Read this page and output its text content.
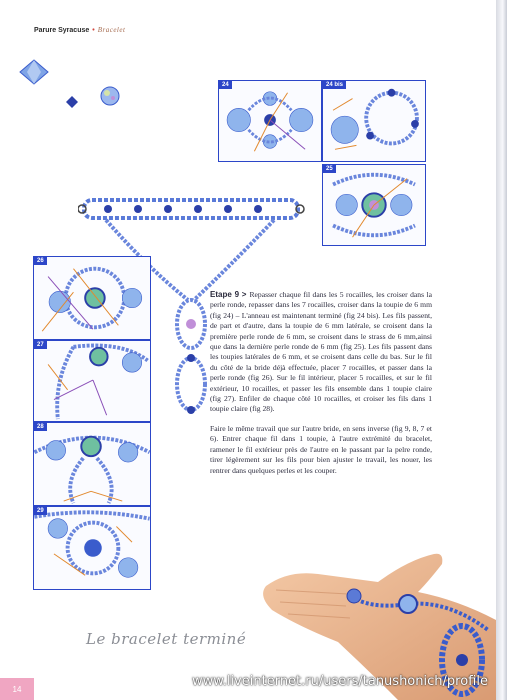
Parure Syracuse • Bracelet
24	24 bis
25
26
27
28
29

Etape 9 > Repasser chaque fil dans les 5 rocailles, les croiser dans la perle ronde, repasser dans les 7 rocailles, croiser dans la toupie de 6 mm (fig 24) – L'anneau est maintenant terminé (fig 24 bis). Les fils passent, de part et d'autre, dans la toupie de 6 mm latérale, se croisent dans la première perle ronde de 6 mm, se croisent dans le strass de 6 mm,ainsi que dans la dernière perle ronde de 6 mm (fig 25). Les fils passent dans les toupies latérales de 6 mm, et se croisent dans celle du bas. Sur le fil du côté de la bride déjà effectuée, placer 7 rocailles, et passer dans la perle ronde (fig 26). Sur le fil intérieur, placer 5 rocailles, et sur le fil extérieur, 10 rocailles, et passer les fils ensemble dans 1 toupie claire (fig 27). Enfiler de chaque côté 10 rocailles, et croiser les fils dans 1 toupie claire (fig 28).

Faire le même travail que sur l'autre bride, en sens inverse (fig 9, 8, 7 et 6). Entrer chaque fil dans 1 toupie, à l'autre extrémité du bracelet, ramener le fil extérieur près de l'autre en le passant par la pelre ronde, tirer légèrement sur les fils pour bien ajuster le travail, les nouer, les rentrer dans quelques perles et les couper.

Le bracelet terminé
14	www.liveinternet.ru/users/tanushonich/profile
